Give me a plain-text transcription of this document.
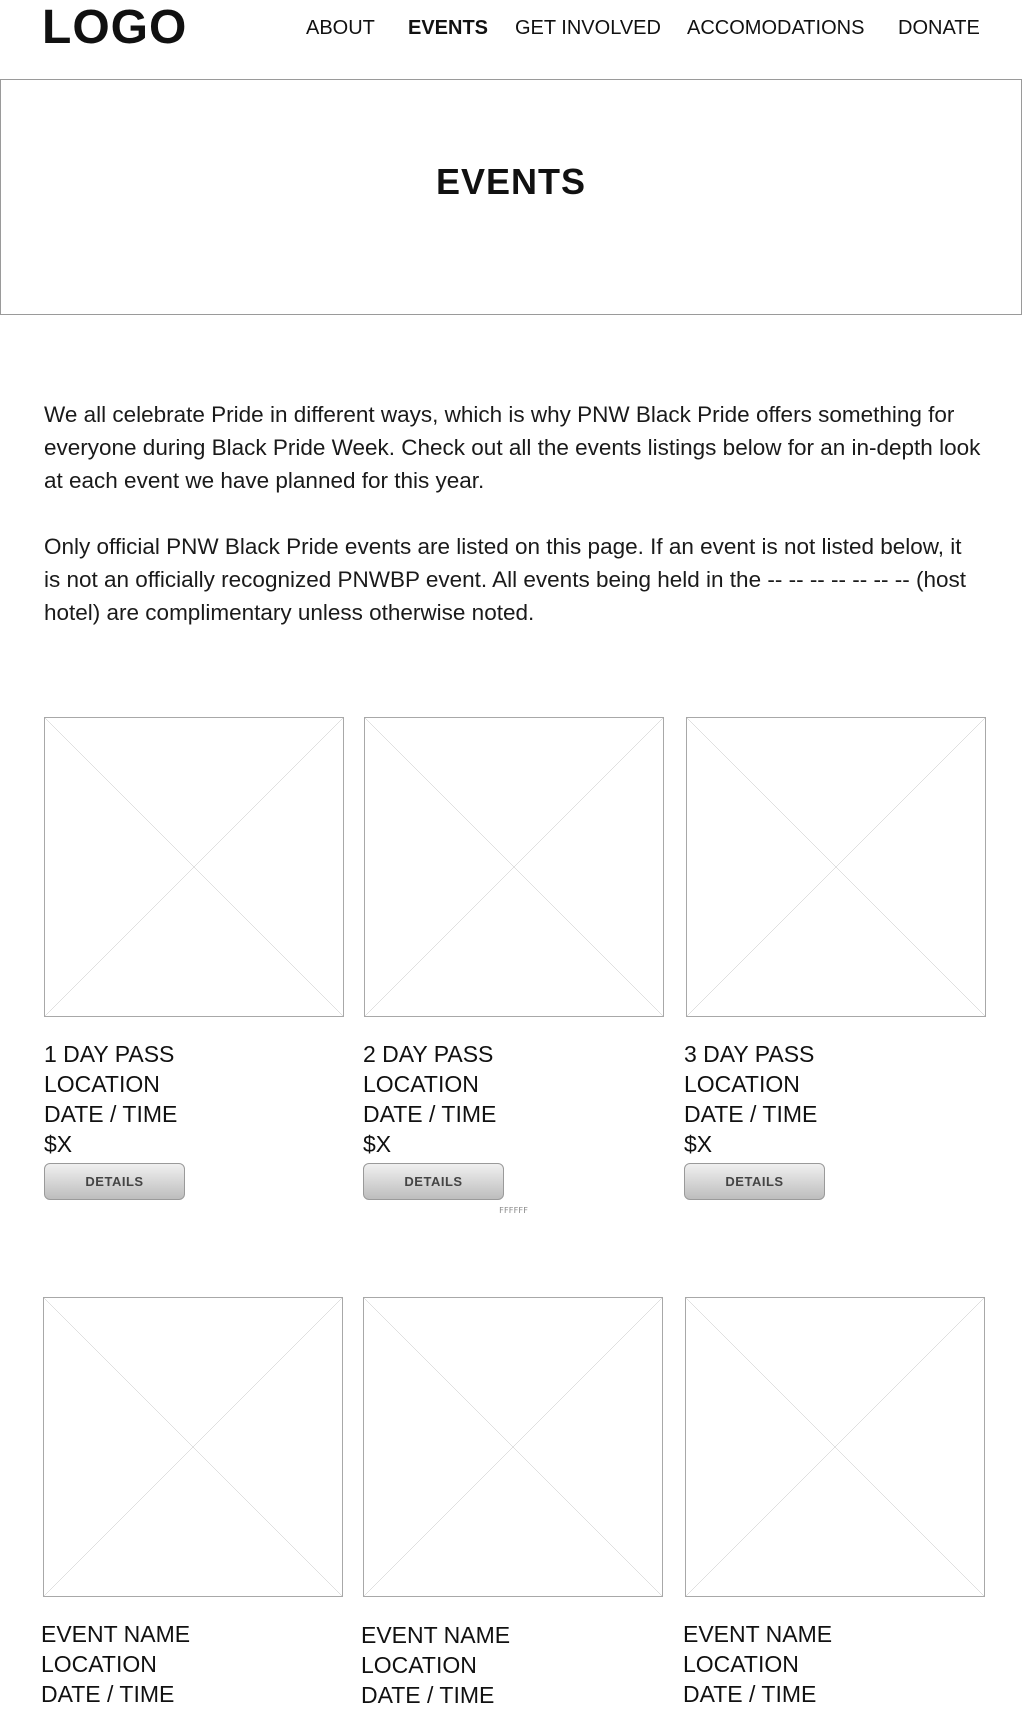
LOGO	ABOUT EVENTS GET INVOLVED ACCOMODATIONS DONATE
EVENTS

We all celebrate Pride in different ways, which is why PNW Black Pride offers something for everyone during Black Pride Week. Check out all the events listings below for an in-depth look at each event we have planned for this year.

Only official PNW Black Pride events are listed on this page. If an event is not listed below, it is not an officially recognized PNWBP event. All events being held in the -- -- -- -- -- -- -- (host hotel) are complimentary unless otherwise noted.

1 DAY PASS
LOCATION
DATE / TIME
$X
DETAILS
2 DAY PASS
LOCATION
DATE / TIME
$X
DETAILS
3 DAY PASS
LOCATION
DATE / TIME
$X
DETAILS
FFFFFF
EVENT NAME
LOCATION
DATE / TIME
EVENT NAME
LOCATION
DATE / TIME
EVENT NAME
LOCATION
DATE / TIME
